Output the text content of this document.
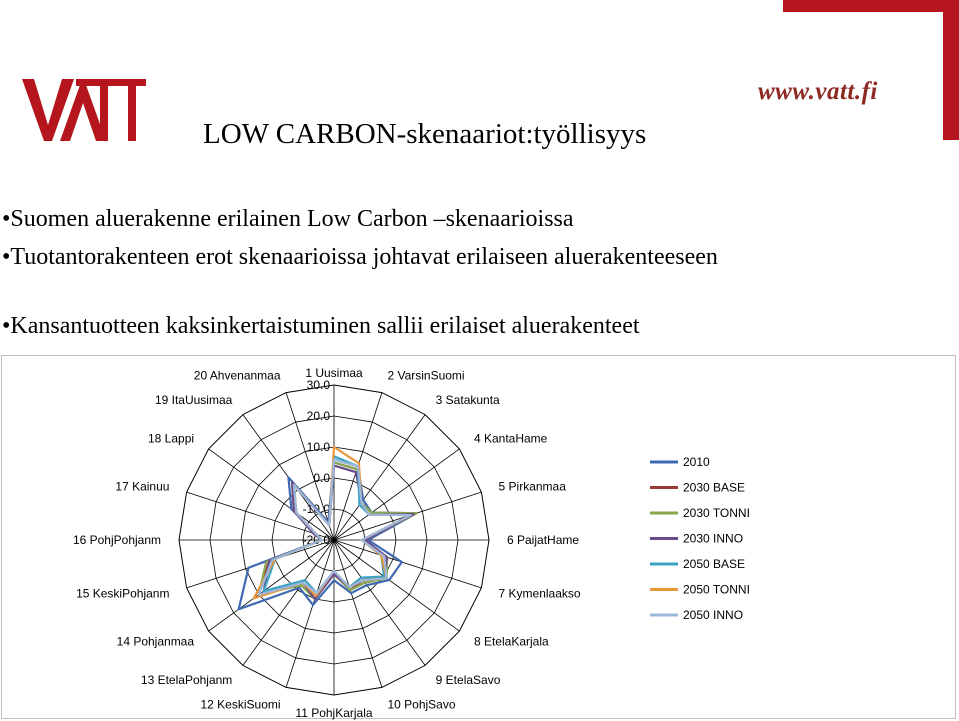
www.vatt.fi
LOW CARBON-skenaariot:työllisyys
•Suomen aluerakenne erilainen Low Carbon –skenaarioissa
•Tuotantorakenteen erot skenaarioissa johtavat erilaiseen aluerakenteeseen
•Kansantuotteen kaksinkertaistuminen sallii erilaiset aluerakenteet
30.0
20.0
10.0
0.0
-10.0
-20.0
1 Uusimaa 2 VarsinSuomi
3 Satakunta
4 KantaHame
5 Pirkanmaa
6 PaijatHame
7 Kymenlaakso
8 EtelaKarjala
9 EtelaSavo
10 PohjSavo
11 PohjKarjala
12 KeskiSuomi
13 EtelaPohjanm
14 Pohjanmaa
15 KeskiPohjanm
16 PohjPohjanm
17 Kainuu
18 Lappi
19 ItaUusimaa
20 Ahvenanmaa
2010
2030 BASE
2030 TONNI
2030 INNO
2050 BASE
2050 TONNI
2050 INNO
